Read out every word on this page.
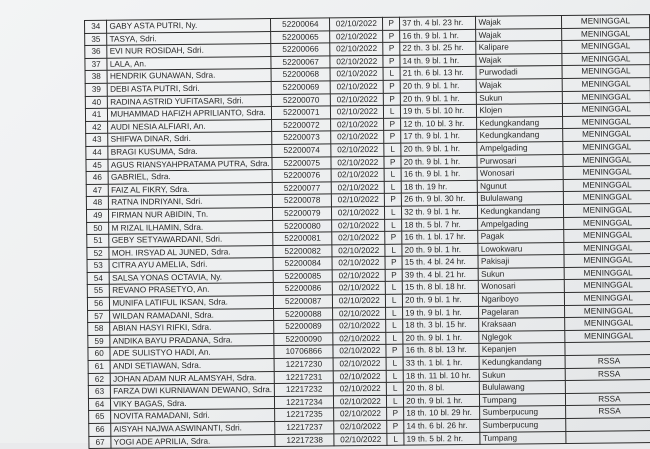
34	GABY ASTA PUTRI, Ny.	52200064	02/10/2022	P	37 th. 4 bl. 23 hr.	Wajak	MENINGGAL
35	TASYA, Sdri.	52200065	02/10/2022	P	16 th. 9 bl. 1 hr.	Wajak	MENINGGAL
36	EVI NUR ROSIDAH, Sdri.	52200066	02/10/2022	P	22 th. 3 bl. 25 hr.	Kalipare	MENINGGAL
37	LALA, An.	52200067	02/10/2022	P	14 th. 9 bl. 1 hr.	Wajak	MENINGGAL
38	HENDRIK GUNAWAN, Sdra.	52200068	02/10/2022	L	21 th. 6 bl. 13 hr.	Purwodadi	MENINGGAL
39	DEBI ASTA PUTRI, Sdri.	52200069	02/10/2022	P	20 th. 9 bl. 1 hr.	Wajak	MENINGGAL
40	RADINA ASTRID YUFITASARI, Sdri.	52200070	02/10/2022	P	20 th. 9 bl. 1 hr.	Sukun	MENINGGAL
41	MUHAMMAD HAFIZH APRILIANTO, Sdra.	52200071	02/10/2022	L	19 th. 5 bl. 10 hr.	Klojen	MENINGGAL
42	AUDI NESIA ALFIARI, An.	52200072	02/10/2022	P	12 th. 10 bl. 3 hr.	Kedungkandang	MENINGGAL
43	SHIFWA DINAR, Sdri.	52200073	02/10/2022	P	17 th. 9 bl. 1 hr.	Kedungkandang	MENINGGAL
44	BRAGI KUSUMA, Sdra.	52200074	02/10/2022	L	20 th. 9 bl. 1 hr.	Ampelgading	MENINGGAL
45	AGUS RIANSYAHPRATAMA PUTRA, Sdra.	52200075	02/10/2022	P	20 th. 9 bl. 1 hr.	Purwosari	MENINGGAL
46	GABRIEL, Sdra.	52200076	02/10/2022	L	16 th. 9 bl. 1 hr.	Wonosari	MENINGGAL
47	FAIZ AL FIKRY, Sdra.	52200077	02/10/2022	L	18 th. 19 hr.	Ngunut	MENINGGAL
48	RATNA INDRIYANI, Sdri.	52200078	02/10/2022	P	26 th. 9 bl. 30 hr.	Bululawang	MENINGGAL
49	FIRMAN NUR ABIDIN, Tn.	52200079	02/10/2022	L	32 th. 9 bl. 1 hr.	Kedungkandang	MENINGGAL
50	M RIZAL ILHAMIN, Sdra.	52200080	02/10/2022	L	18 th. 5 bl. 7 hr.	Ampelgading	MENINGGAL
51	GEBY SETYAWARDANI, Sdri.	52200081	02/10/2022	P	16 th. 1 bl. 17 hr.	Pagak	MENINGGAL
52	MOH. IRSYAD AL JUNED, Sdra.	52200082	02/10/2022	L	20 th. 9 bl. 1 hr.	Lowokwaru	MENINGGAL
53	CITRA AYU AMELIA, Sdri.	52200084	02/10/2022	P	15 th. 4 bl. 24 hr.	Pakisaji	MENINGGAL
54	SALSA YONAS OCTAVIA, Ny.	52200085	02/10/2022	P	39 th. 4 bl. 21 hr.	Sukun	MENINGGAL
55	REVANO PRASETYO, An.	52200086	02/10/2022	L	15 th. 8 bl. 18 hr.	Wonosari	MENINGGAL
56	MUNIFA LATIFUL IKSAN, Sdra.	52200087	02/10/2022	L	20 th. 9 bl. 1 hr.	Ngariboyo	MENINGGAL
57	WILDAN RAMADANI, Sdra.	52200088	02/10/2022	L	19 th. 9 bl. 1 hr.	Pagelaran	MENINGGAL
58	ABIAN HASYI RIFKI, Sdra.	52200089	02/10/2022	L	18 th. 3 bl. 15 hr.	Kraksaan	MENINGGAL
59	ANDIKA BAYU PRADANA, Sdra.	52200090	02/10/2022	L	20 th. 9 bl. 1 hr.	Nglegok	MENINGGAL
60	ADE SULISTYO HADI, An.	10706866	02/10/2022	P	16 th. 8 bl. 13 hr.	Kepanjen	
61	ANDI SETIAWAN, Sdra.	12217230	02/10/2022	L	33 th. 1 bl. 1 hr.	Kedungkandang	RSSA
62	JOHAN ADAM NUR ALAMSYAH, Sdra.	12217231	02/10/2022	L	18 th. 11 bl. 10 hr.	Sukun	RSSA
63	FARZA DWI KURNIAWAN DEWANO, Sdra.	12217232	02/10/2022	L	20 th. 8 bl.	Bululawang	
64	VIKY BAGAS, Sdra.	12217234	02/10/2022	L	20 th. 9 bl. 1 hr.	Tumpang	RSSA
65	NOVITA RAMADANI, Sdri.	12217235	02/10/2022	P	18 th. 10 bl. 29 hr.	Sumberpucung	RSSA
66	AISYAH NAJWA ASWINANTI, Sdri.	12217237	02/10/2022	P	14 th. 6 bl. 26 hr.	Sumberpucung	
67	YOGI ADE APRILIA, Sdra.	12217238	02/10/2022	L	19 th. 5 bl. 2 hr.	Tumpang	
